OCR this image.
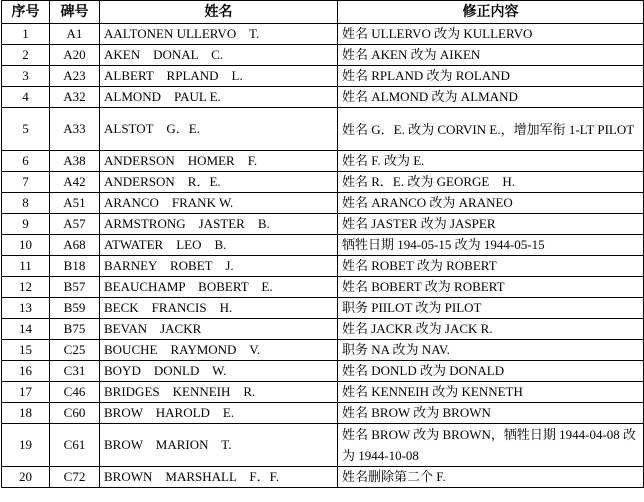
序号	碑号	姓名	修正内容
1	A1	AALTONEN ULLERVO    T.	姓名 ULLERVO 改为 KULLERVO
2	A20	AKEN    DONAL    C.	姓名 AKEN 改为 AIKEN
3	A23	ALBERT    RPLAND    L.	姓名 RPLAND 改为 ROLAND
4	A32	ALMOND    PAUL E.	姓名 ALMOND 改为 ALMAND
5	A33	ALSTOT    G．E.	姓名 G．E. 改为 CORVIN E.，增加军衔 1-LT PILOT
6	A38	ANDERSON    HOMER    F.	姓名 F. 改为 E.
7	A42	ANDERSON    R．E.	姓名 R．E. 改为 GEORGE    H.
8	A51	ARANCO    FRANK W.	姓名 ARANCO 改为 ARANEO
9	A57	ARMSTRONG    JASTER    B.	姓名 JASTER 改为 JASPER
10	A68	ATWATER    LEO    B.	牺牲日期 194-05-15 改为 1944-05-15
11	B18	BARNEY    ROBET    J.	姓名 ROBET 改为 ROBERT
12	B57	BEAUCHAMP    BOBERT    E.	姓名 BOBERT 改为 ROBERT
13	B59	BECK    FRANCIS    H.	职务 PIILOT 改为 PILOT
14	B75	BEVAN    JACKR	姓名 JACKR 改为 JACK R.
15	C25	BOUCHE    RAYMOND    V.	职务 NA 改为 NAV.
16	C31	BOYD    DONLD    W.	姓名 DONLD 改为 DONALD
17	C46	BRIDGES    KENNEIH    R.	姓名 KENNEIH 改为 KENNETH
18	C60	BROW    HAROLD    E.	姓名 BROW 改为 BROWN
19	C61	BROW    MARION    T.	姓名 BROW 改为 BROWN，牺牲日期 1944-04-08 改为 1944-10-08
20	C72	BROWN    MARSHALL    F．F.	姓名删除第二个 F.
